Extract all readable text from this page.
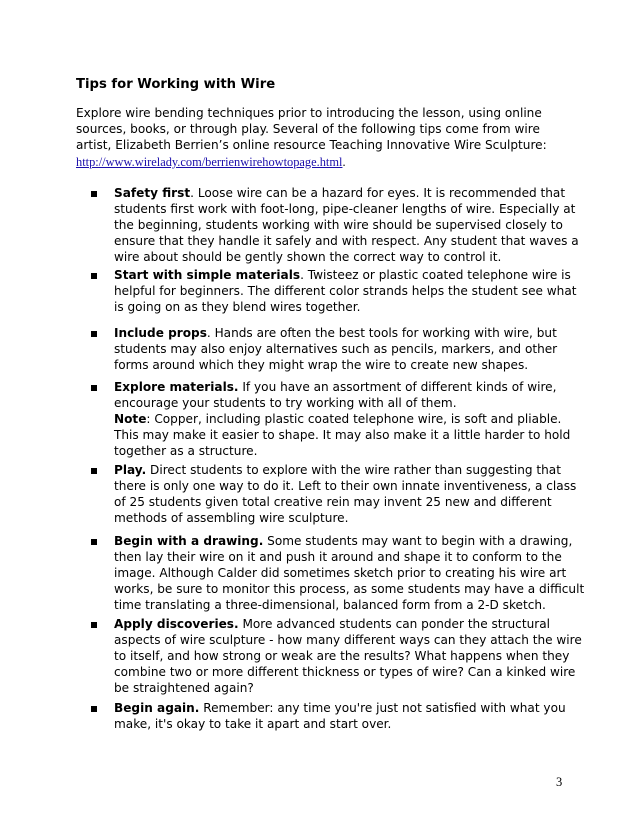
Tips for Working with Wire
Explore wire bending techniques prior to introducing the lesson, using online
sources, books, or through play. Several of the following tips come from wire
artist, Elizabeth Berrien’s online resource Teaching Innovative Wire Sculpture:
http://www.wirelady.com/berrienwirehowtopage.html.
Safety first. Loose wire can be a hazard for eyes. It is recommended that
students first work with foot-long, pipe-cleaner lengths of wire. Especially at
the beginning, students working with wire should be supervised closely to
ensure that they handle it safely and with respect. Any student that waves a
wire about should be gently shown the correct way to control it.
Start with simple materials. Twisteez or plastic coated telephone wire is
helpful for beginners. The different color strands helps the student see what
is going on as they blend wires together.
Include props. Hands are often the best tools for working with wire, but
students may also enjoy alternatives such as pencils, markers, and other
forms around which they might wrap the wire to create new shapes.
Explore materials. If you have an assortment of different kinds of wire,
encourage your students to try working with all of them.
Note: Copper, including plastic coated telephone wire, is soft and pliable.
This may make it easier to shape. It may also make it a little harder to hold
together as a structure.
Play. Direct students to explore with the wire rather than suggesting that
there is only one way to do it. Left to their own innate inventiveness, a class
of 25 students given total creative rein may invent 25 new and different
methods of assembling wire sculpture.
Begin with a drawing. Some students may want to begin with a drawing,
then lay their wire on it and push it around and shape it to conform to the
image. Although Calder did sometimes sketch prior to creating his wire art
works, be sure to monitor this process, as some students may have a difficult
time translating a three-dimensional, balanced form from a 2-D sketch.
Apply discoveries. More advanced students can ponder the structural
aspects of wire sculpture - how many different ways can they attach the wire
to itself, and how strong or weak are the results? What happens when they
combine two or more different thickness or types of wire? Can a kinked wire
be straightened again?
Begin again. Remember: any time you're just not satisfied with what you
make, it's okay to take it apart and start over.
3
